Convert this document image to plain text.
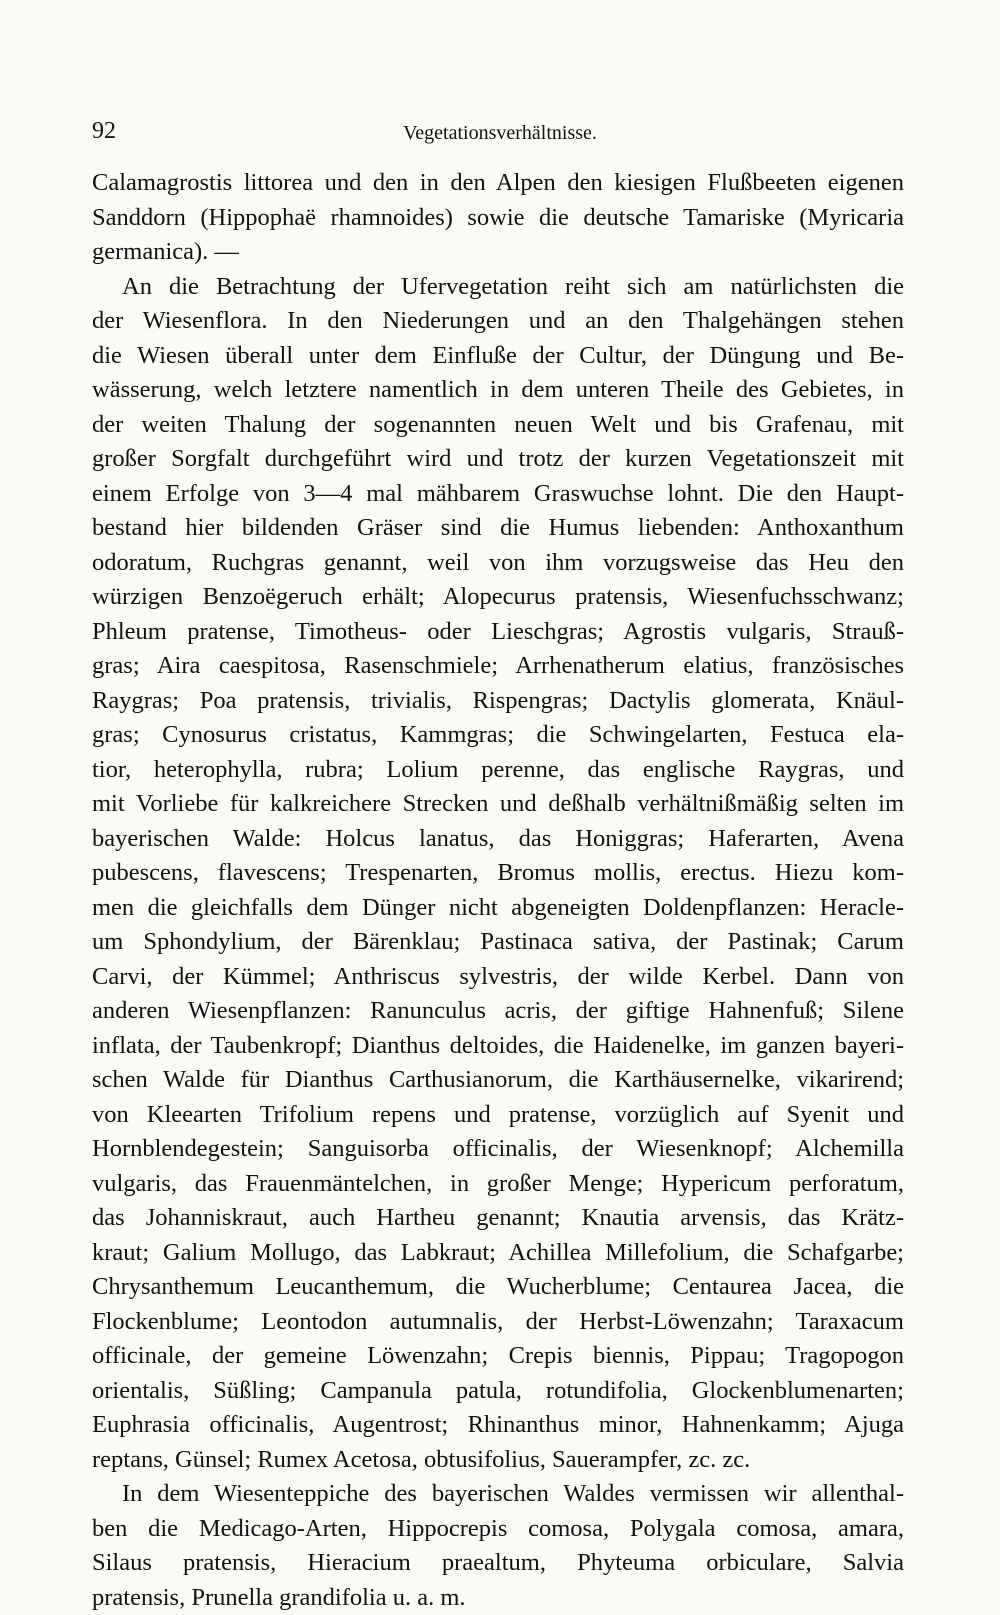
92	Vegetationsverhältnisse.
Calamagrostis littorea und den in den Alpen den kiesigen Flußbeeten eigenen
Sanddorn (Hippophaë rhamnoides) sowie die deutsche Tamariske (Myricaria
germanica). —
An die Betrachtung der Ufervegetation reiht sich am natürlichsten die
der Wiesenflora. In den Niederungen und an den Thalgehängen stehen
die Wiesen überall unter dem Einfluße der Cultur, der Düngung und Be-
wässerung, welch letztere namentlich in dem unteren Theile des Gebietes, in
der weiten Thalung der sogenannten neuen Welt und bis Grafenau, mit
großer Sorgfalt durchgeführt wird und trotz der kurzen Vegetationszeit mit
einem Erfolge von 3—4 mal mähbarem Graswuchse lohnt. Die den Haupt-
bestand hier bildenden Gräser sind die Humus liebenden: Anthoxanthum
odoratum, Ruchgras genannt, weil von ihm vorzugsweise das Heu den
würzigen Benzoëgeruch erhält; Alopecurus pratensis, Wiesenfuchsschwanz;
Phleum pratense, Timotheus- oder Lieschgras; Agrostis vulgaris, Strauß-
gras; Aira caespitosa, Rasenschmiele; Arrhenatherum elatius, französisches
Raygras; Poa pratensis, trivialis, Rispengras; Dactylis glomerata, Knäul-
gras; Cynosurus cristatus, Kammgras; die Schwingelarten, Festuca ela-
tior, heterophylla, rubra; Lolium perenne, das englische Raygras, und
mit Vorliebe für kalkreichere Strecken und deßhalb verhältnißmäßig selten im
bayerischen Walde: Holcus lanatus, das Honiggras; Haferarten, Avena
pubescens, flavescens; Trespenarten, Bromus mollis, erectus. Hiezu kom-
men die gleichfalls dem Dünger nicht abgeneigten Doldenpflanzen: Heracle-
um Sphondylium, der Bärenklau; Pastinaca sativa, der Pastinak; Carum
Carvi, der Kümmel; Anthriscus sylvestris, der wilde Kerbel. Dann von
anderen Wiesenpflanzen: Ranunculus acris, der giftige Hahnenfuß; Silene
inflata, der Taubenkropf; Dianthus deltoides, die Haidenelke, im ganzen bayeri-
schen Walde für Dianthus Carthusianorum, die Karthäusernelke, vikarirend;
von Kleearten Trifolium repens und pratense, vorzüglich auf Syenit und
Hornblendegestein; Sanguisorba officinalis, der Wiesenknopf; Alchemilla
vulgaris, das Frauenmäntelchen, in großer Menge; Hypericum perforatum,
das Johanniskraut, auch Hartheu genannt; Knautia arvensis, das Krätz-
kraut; Galium Mollugo, das Labkraut; Achillea Millefolium, die Schafgarbe;
Chrysanthemum Leucanthemum, die Wucherblume; Centaurea Jacea, die
Flockenblume; Leontodon autumnalis, der Herbst-Löwenzahn; Taraxacum
officinale, der gemeine Löwenzahn; Crepis biennis, Pippau; Tragopogon
orientalis, Süßling; Campanula patula, rotundifolia, Glockenblumenarten;
Euphrasia officinalis, Augentrost; Rhinanthus minor, Hahnenkamm; Ajuga
reptans, Günsel; Rumex Acetosa, obtusifolius, Sauerampfer, zc. zc.
In dem Wiesenteppiche des bayerischen Waldes vermissen wir allenthal-
ben die Medicago-Arten, Hippocrepis comosa, Polygala comosa, amara,
Silaus pratensis, Hieracium praealtum, Phyteuma orbiculare, Salvia
pratensis, Prunella grandifolia u. a. m.
